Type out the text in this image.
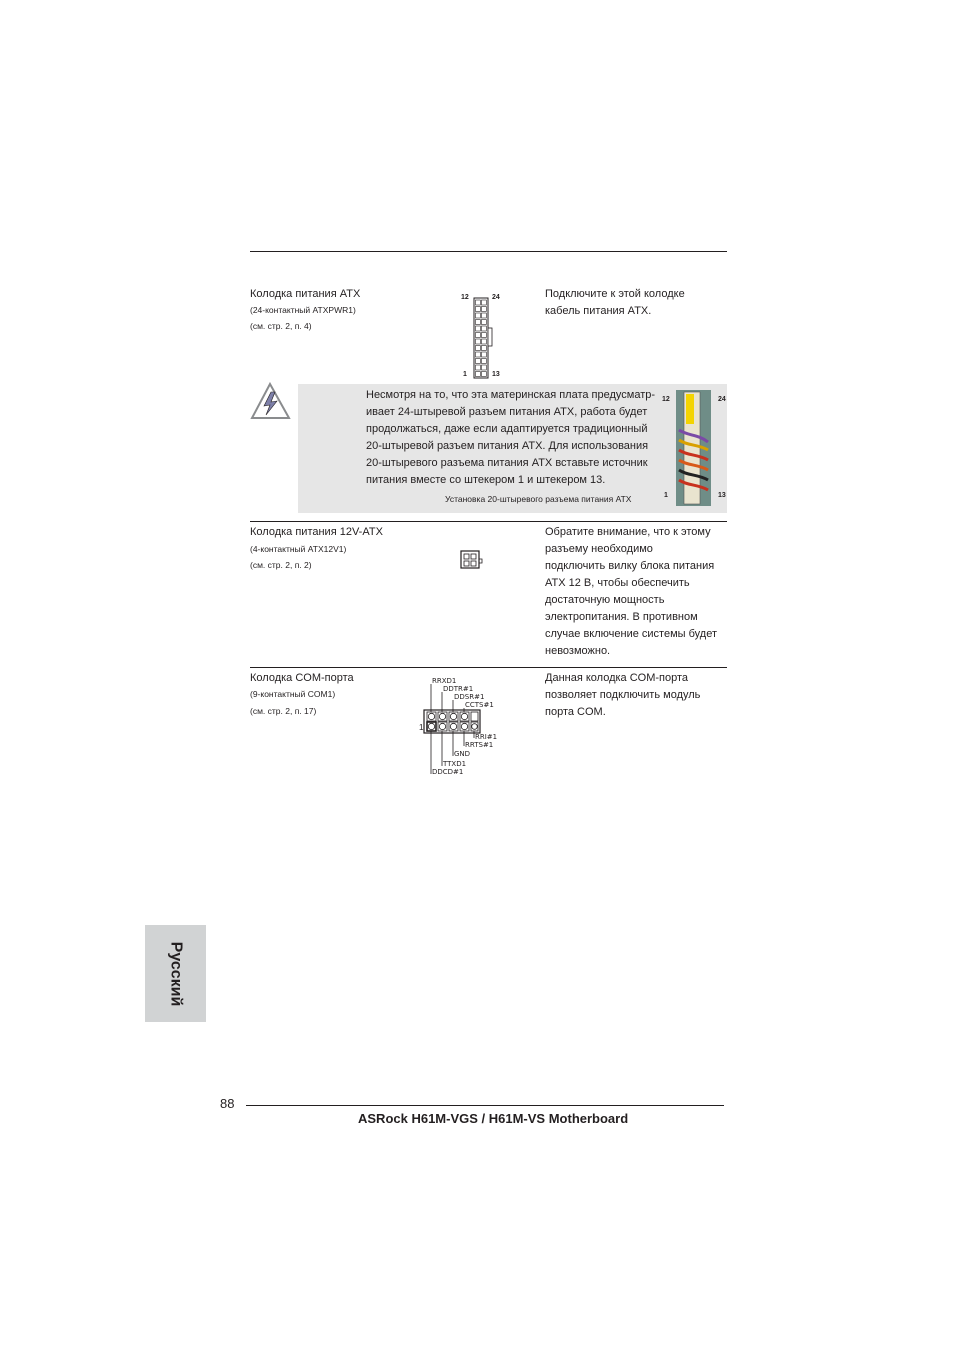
Колодка питания ATX
(24-контактный ATXPWR1)
(см. стр. 2, п. 4)
12	24
1	13
Подключите к этой колодке
кабель питания ATX.
Несмотря на то, что эта материнская плата предусматр-
ивает 24-штыревой разъем питания ATX, работа будет
продолжаться, даже если адаптируется традиционный
20-штыревой разъем питания ATX. Для использования
20-штыревого разъема питания ATX вставьте источник
питания вместе со штекером 1 и штекером 13.
Установка 20-штыревого разъема питания ATX
12	24
1	13
Колодка питания 12V-ATX
(4-контактный ATX12V1)
(см. стр. 2, п. 2)
Обратите внимание, что к этому
разъему необходимо
подключить вилку блока питания
ATX 12 В, чтобы обеспечить
достаточную мощность
электропитания. В противном
случае включение системы будет
невозможно.
Колодка COM-порта
(9-контактный COM1)
(см. стр. 2, п. 17)
1
RRXD1
DDTR#1
DDSR#1
CCTS#1
RRI#1
RRTS#1
GND
TTXD1
DDCD#1
Данная колодка COM-порта
позволяет подключить модуль
порта COM.
Русский
88
ASRock H61M-VGS / H61M-VS Motherboard
